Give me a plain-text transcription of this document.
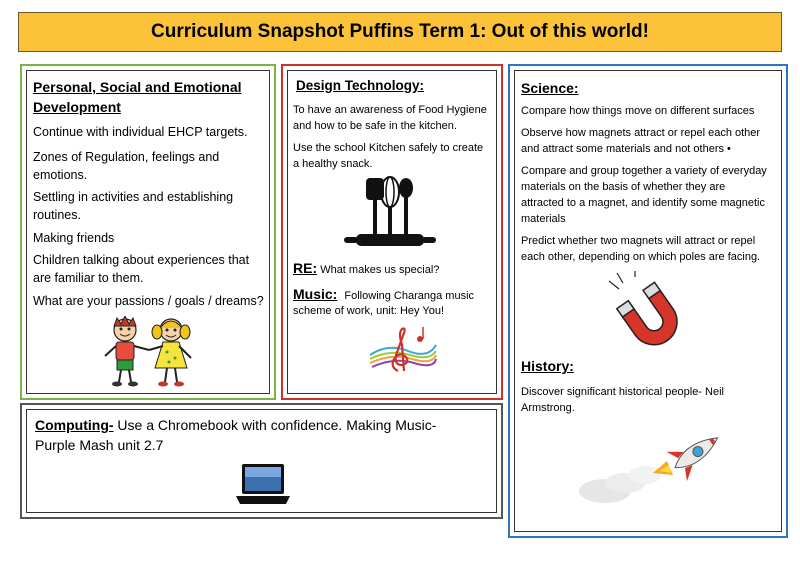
Curriculum Snapshot Puffins Term 1: Out of this world!
Personal, Social and Emotional
Development
Continue with individual EHCP targets.
Zones of Regulation, feelings and
emotions.
Settling in activities and establishing
routines.
Making friends
Children talking about experiences that
are familiar to them.
What are your passions / goals / dreams?
Design Technology:
To have an awareness of Food Hygiene
and how to be safe in the kitchen.
Use the school Kitchen safely to create
a healthy snack.
RE: What makes us special?
Music: Following Charanga music
scheme of work, unit: Hey You!
Science:
Compare how things move on different surfaces
Observe how magnets attract or repel each other
and attract some materials and not others •
Compare and group together a variety of everyday
materials on the basis of whether they are
attracted to a magnet, and identify some magnetic
materials
Predict whether two magnets will attract or repel
each other, depending on which poles are facing.
History:
Discover significant historical people- Neil
Armstrong.
Computing- Use a Chromebook with confidence. Making Music-
Purple Mash unit 2.7
